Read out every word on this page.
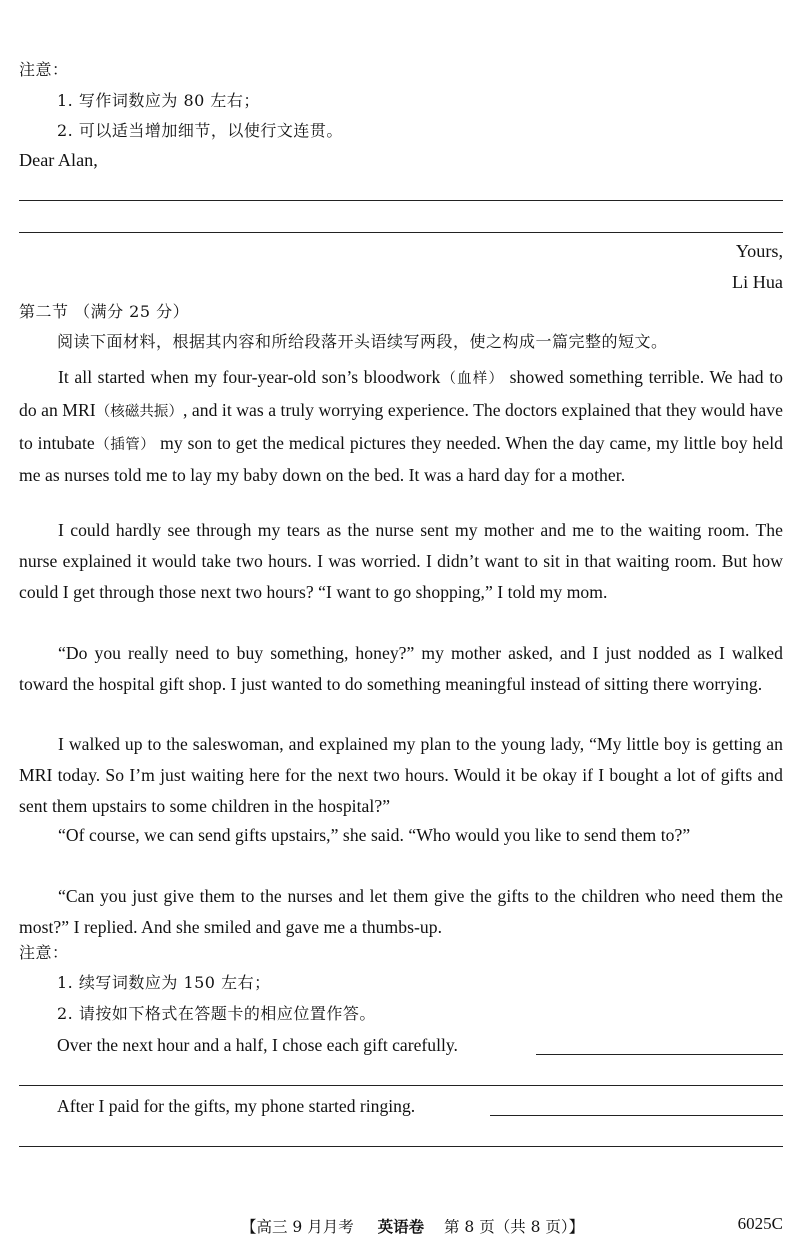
注意：
1. 写作词数应为 80 左右；
2. 可以适当增加细节，以使行文连贯。
Dear Alan,
Yours,
Li Hua
第二节 （满分 25 分）
阅读下面材料，根据其内容和所给段落开头语续写两段，使之构成一篇完整的短文。
It all started when my four-year-old son’s bloodwork（血样） showed something terrible. We had to do an MRI（核磁共振）, and it was a truly worrying experience. The doctors explained that they would have to intubate（插管） my son to get the medical pictures they needed. When the day came, my little boy held me as nurses told me to lay my baby down on the bed. It was a hard day for a mother.
I could hardly see through my tears as the nurse sent my mother and me to the waiting room. The nurse explained it would take two hours. I was worried. I didn’t want to sit in that waiting room. But how could I get through those next two hours? “I want to go shopping,” I told my mom.
“Do you really need to buy something, honey?” my mother asked, and I just nodded as I walked toward the hospital gift shop. I just wanted to do something meaningful instead of sitting there worrying.
I walked up to the saleswoman, and explained my plan to the young lady, “My little boy is getting an MRI today. So I’m just waiting here for the next two hours. Would it be okay if I bought a lot of gifts and sent them upstairs to some children in the hospital?”
“Of course, we can send gifts upstairs,” she said. “Who would you like to send them to?”
“Can you just give them to the nurses and let them give the gifts to the children who need them the most?” I replied. And she smiled and gave me a thumbs-up.
注意：
1. 续写词数应为 150 左右；
2. 请按如下格式在答题卡的相应位置作答。
Over the next hour and a half, I chose each gift carefully.
After I paid for the gifts, my phone started ringing.
【高三 9 月月考 英语卷 第 8 页（共 8 页）】	6025C
